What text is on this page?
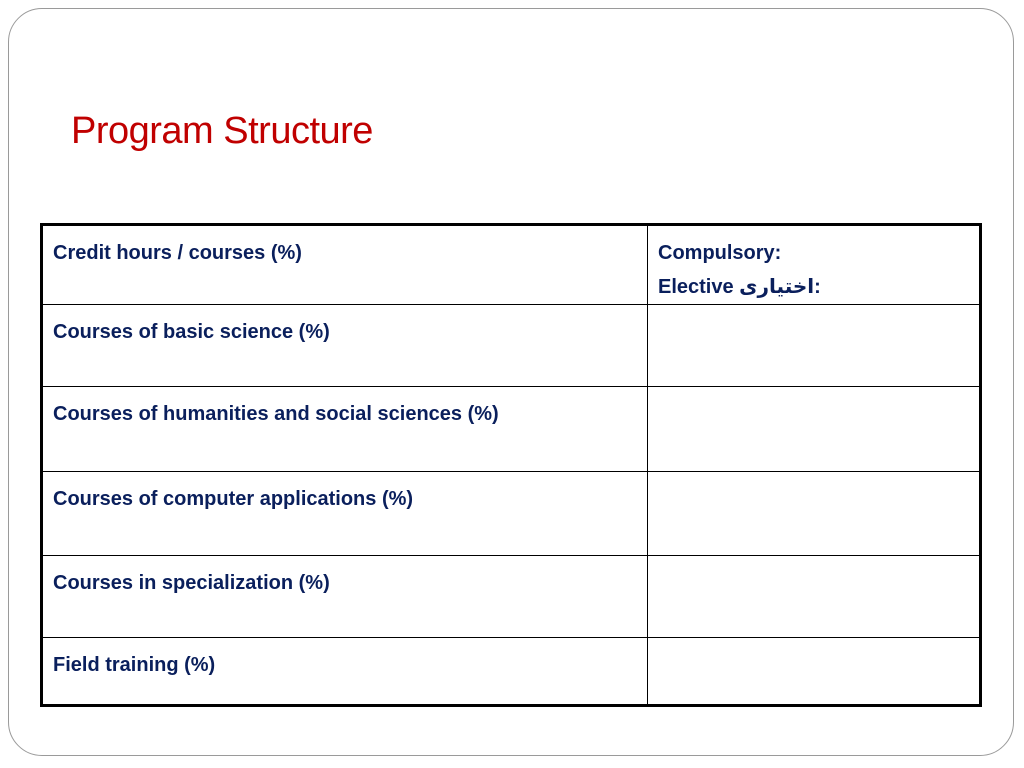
Program Structure
Credit hours / courses (%)	Compulsory:
Elective اختیاری:

Courses of basic science (%)	
Courses of humanities and social sciences (%)	
Courses of computer applications (%)	
Courses in specialization (%)	
Field training (%)	
